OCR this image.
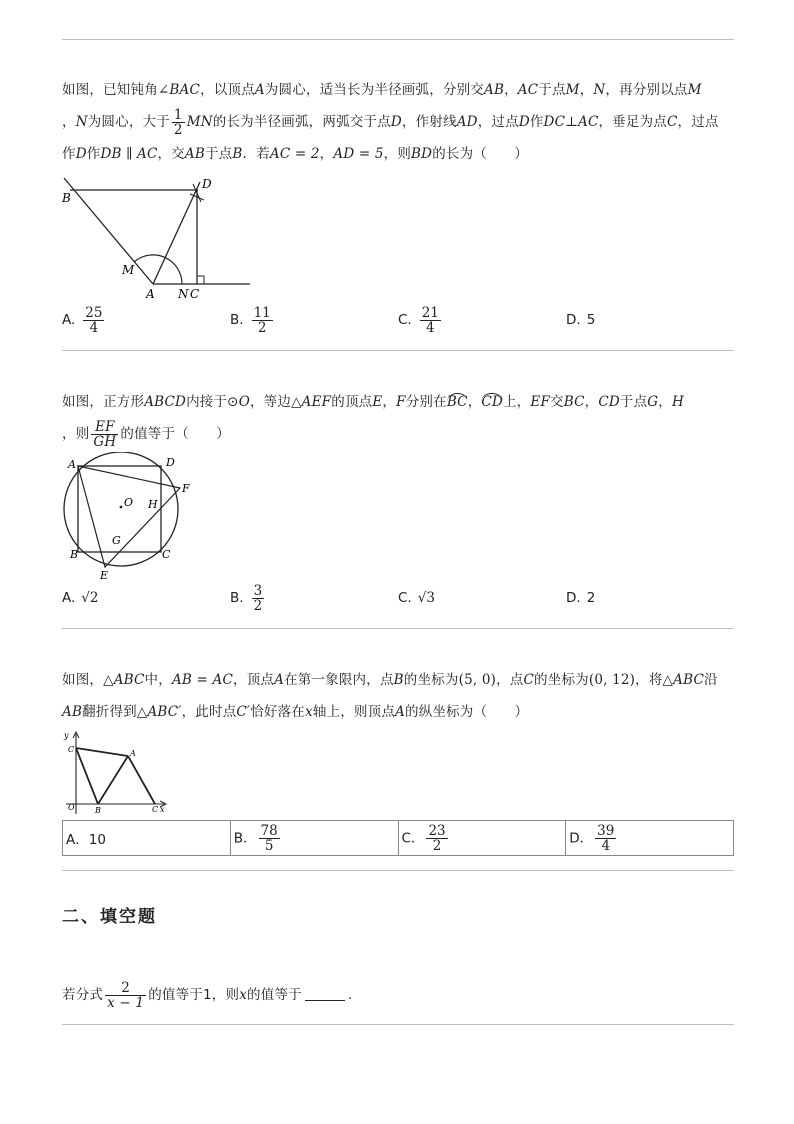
如图，已知钝角∠BAC，以顶点A为圆心，适当长为半径画弧，分别交AB，AC于点M，N，再分别以点M
，N为圆心，大于 $\frac{1}{2}$ MN的长为半径画弧，两弧交于点D，作射线AD，过点D作DC⊥AC，垂足为点C，过点
作D作DB ∥ AC，交AB于点B．若AC = 2，AD = 5，则BD的长为（　　）
B
D
M
A N C
A. $\frac{25}{4}$	B. $\frac{11}{2}$	C. $\frac{21}{4}$	D. 5
如图，正方形ABCD内接于⊙O，等边△AEF的顶点E，F分别在BC，CD上，EF交BC，CD于点G，H
，则 $\frac{EF}{GH}$ 的值等于（　　）
A	D
O
F
H
G
B	C
E
A. √2	B. $\frac{3}{2}$	C. √3	D. 2
如图，△ABC中，AB = AC，顶点A在第一象限内，点B的坐标为(5, 0)，点C的坐标为(0, 12)，将△ABC沿
AB翻折得到△ABC′，此时点C′恰好落在x轴上，则顶点A的纵坐标为（　　）
y
C	A
O	B	C x
A．10	B． $\frac{78}{5}$	C． $\frac{23}{2}$	D． $\frac{39}{4}$
二、填空题
若分式 $\frac{2}{x - 1}$ 的值等于1，则x的值等于	.
